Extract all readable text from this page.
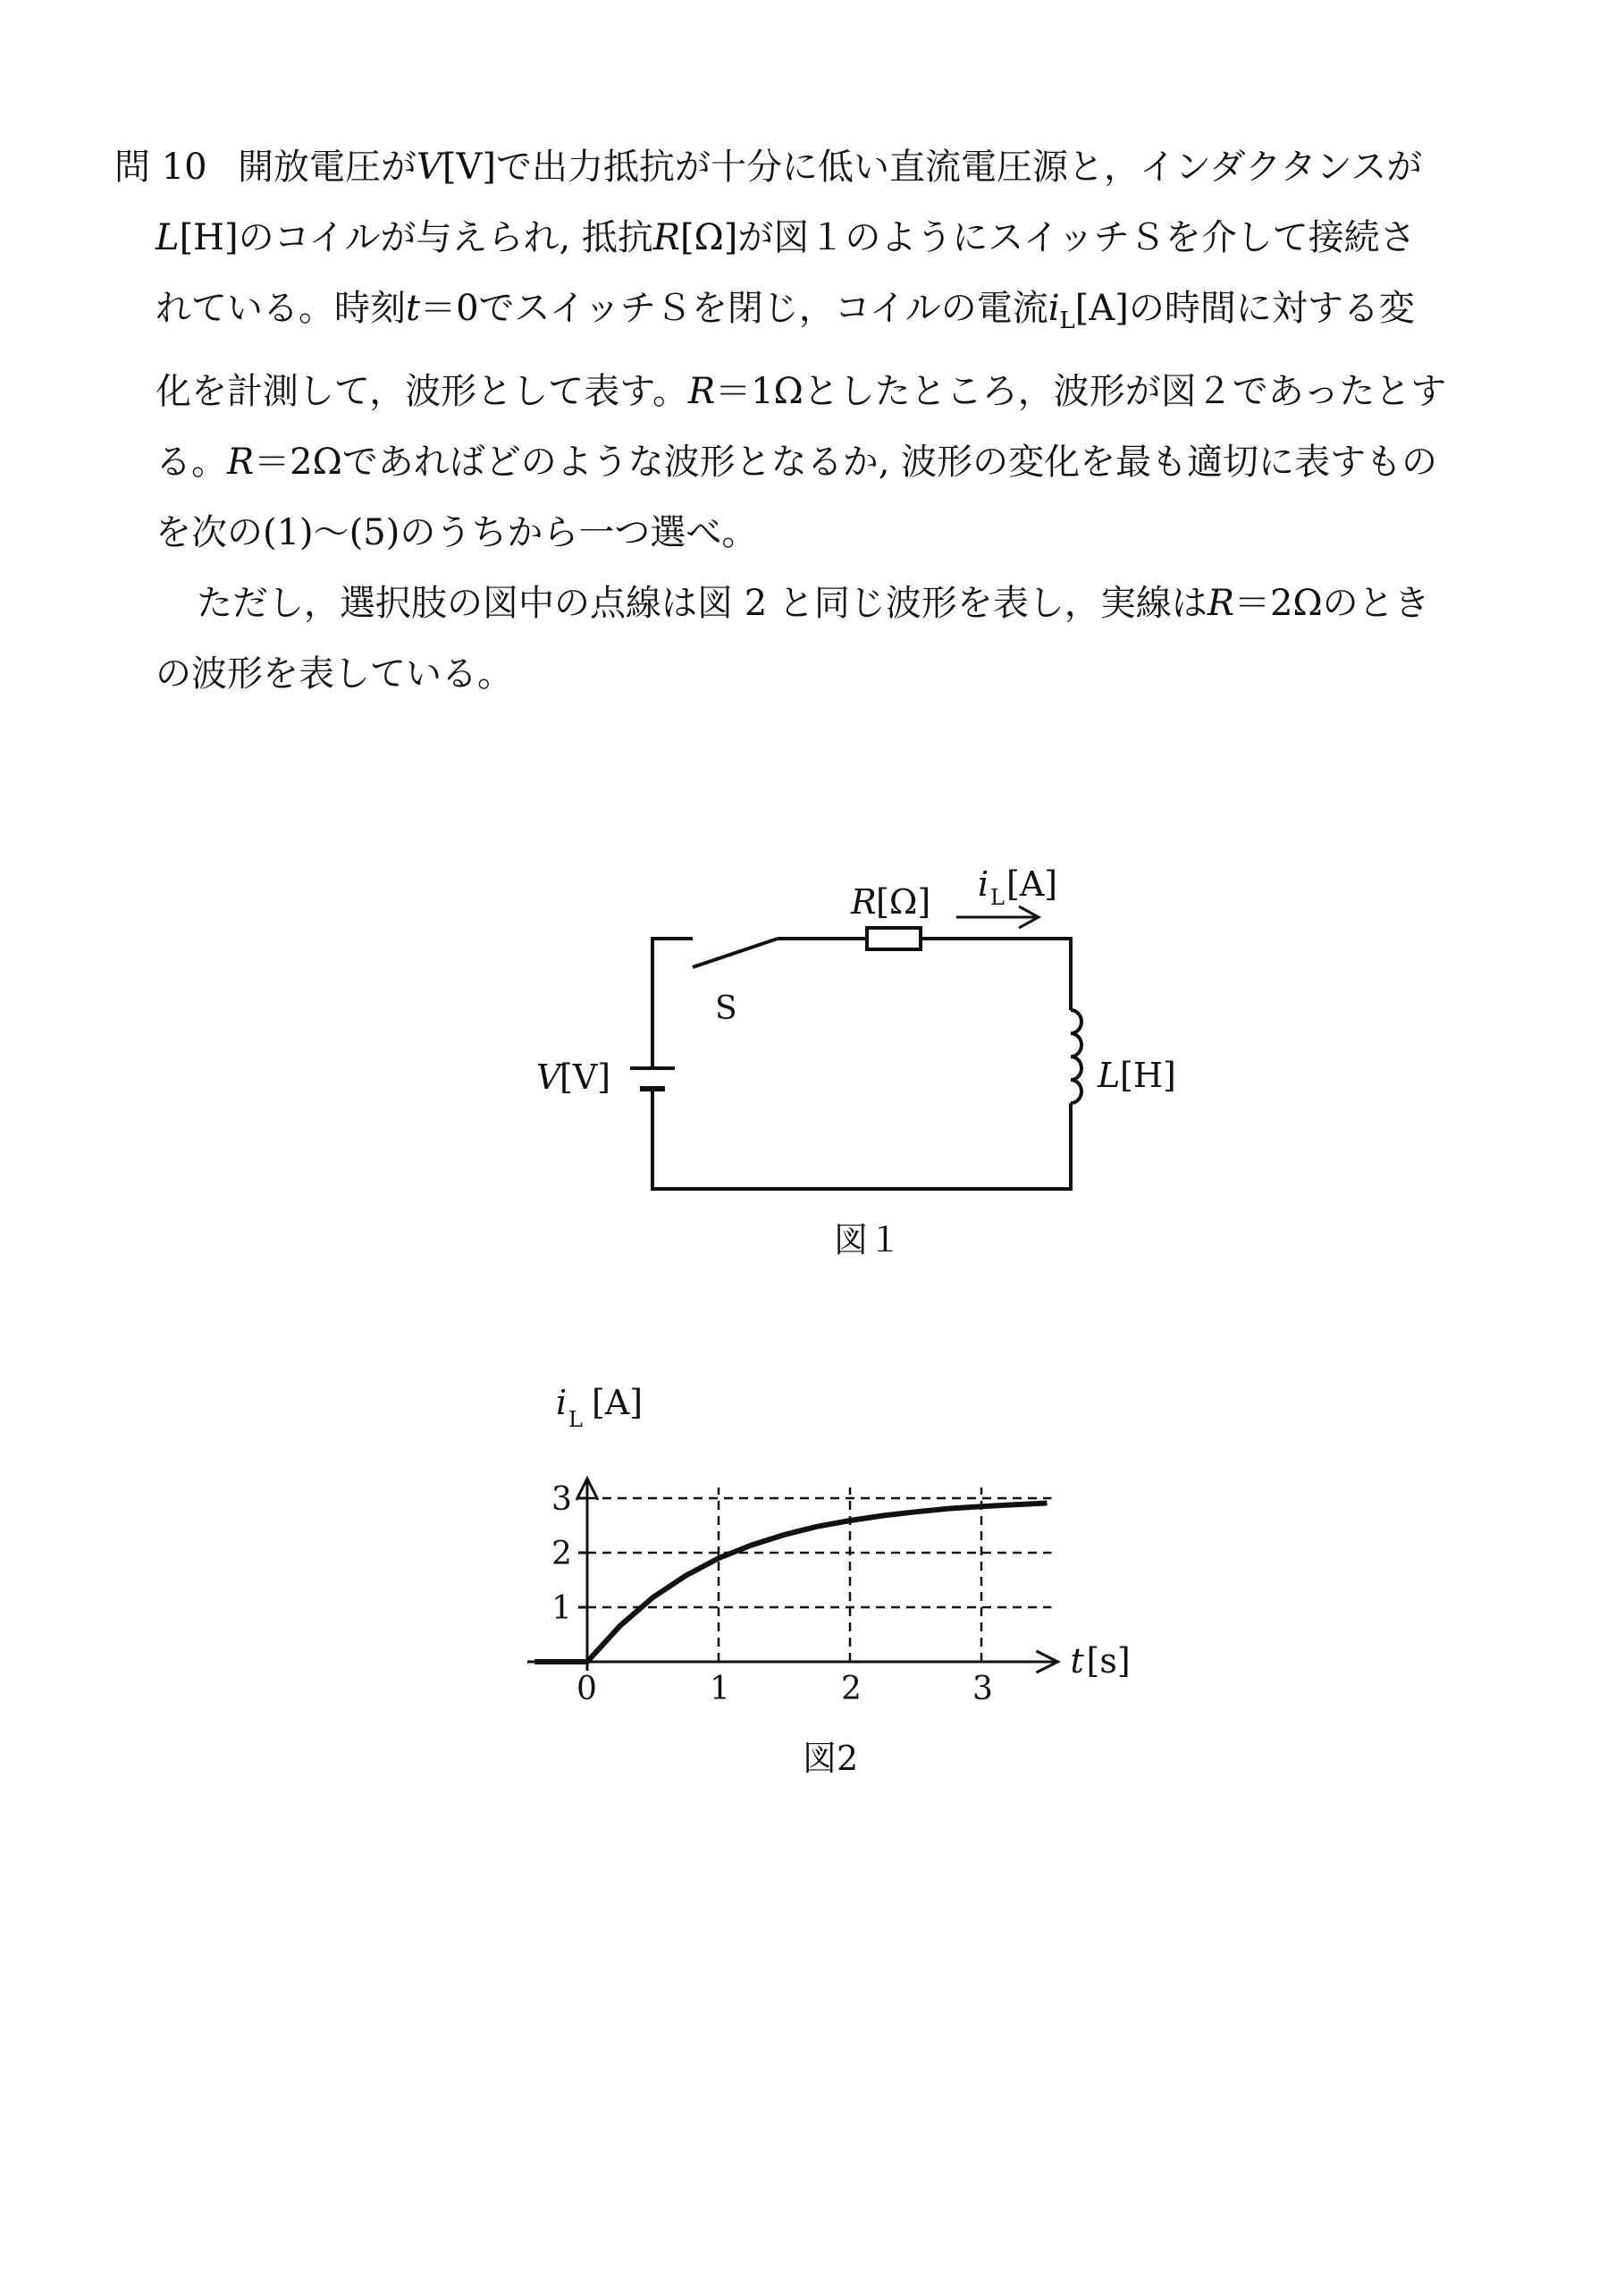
問 10 開放電圧がV[V]で出力抵抗が十分に低い直流電圧源と，インダクタンスが
L[H]のコイルが与えられ, 抵抗R[Ω]が図１のようにスイッチＳを介して接続さ
れている。時刻t＝0でスイッチＳを閉じ，コイルの電流$i_L[A]$の時間に対する変
化を計測して，波形として表す。R＝1Ωとしたところ，波形が図２であったとす
る。R＝2Ωであればどのような波形となるか, 波形の変化を最も適切に表すもの
を次の(1)～(5)のうちから一つ選べ。
ただし，選択肢の図中の点線は図 2 と同じ波形を表し，実線はR＝2Ωのとき
の波形を表している。
S
R [Ω] i L [A]
V
[V]	L [H]
図１
1
2
3
1	2	3
0
i L [A]
t [s]
図2
